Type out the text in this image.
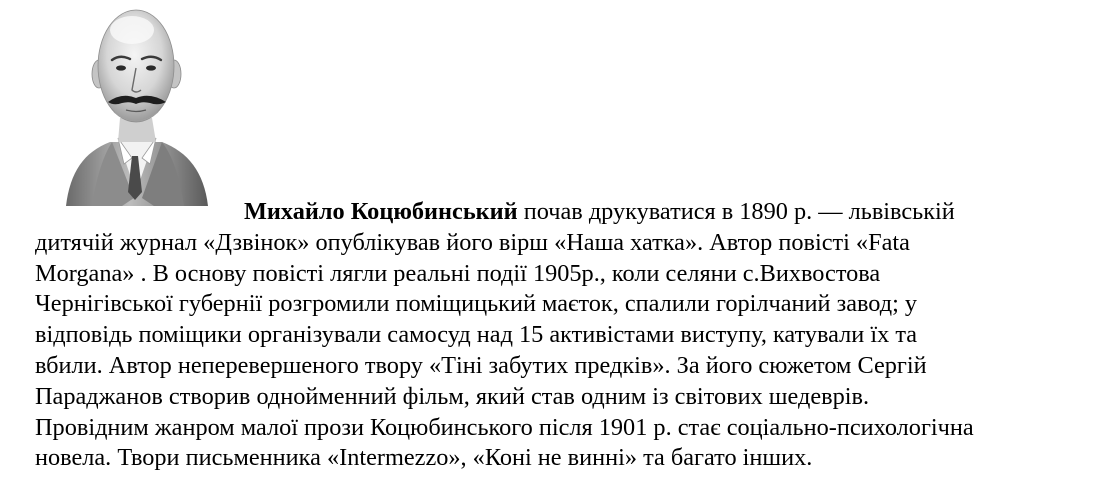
Михайло Коцюбинський почав друкуватися в 1890 р. — львівській
дитячій журнал «Дзвінок» опублікував його вірш «Наша хатка». Автор повісті «Fata
Morgana» . В основу повісті лягли реальні події 1905р., коли селяни с.Вихвостова
Чернігівської губернії розгромили поміщицький маєток, спалили горілчаний завод; у
відповідь поміщики організували самосуд над 15 активістами виступу, катували їх та
вбили. Автор неперевершеного твору «Тіні забутих предків». За його сюжетом Сергій
Параджанов створив однойменний фільм, який став одним із світових шедеврів.
Провідним жанром малої прози Коцюбинського після 1901 р. стає соціально-психологічна
новела. Твори письменника «Intermezzo», «Коні не винні» та багато інших.
